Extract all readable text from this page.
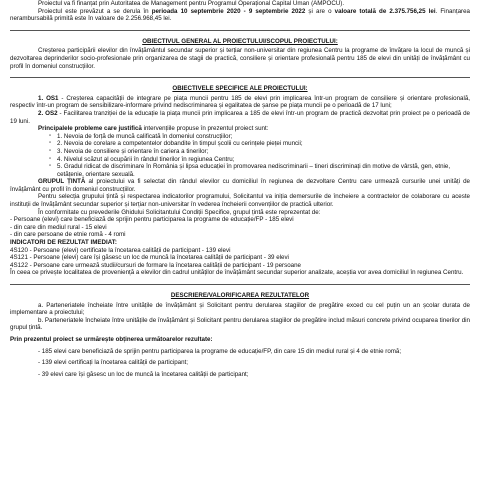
Proiectul va fi finanțat prin Autoritatea de Management pentru Programul Operațional Capital Uman (AMPOCU).

Proiectul este prevăzut a se derula în perioada 10 septembrie 2020 - 9 septembrie 2022 și are o valoare totală de 2.375.756,25 lei. Finanțarea nerambursabilă primită este în valoare de 2.256.968,45 lei.

OBIECTIVUL GENERAL AL PROIECTULUI/SCOPUL PROIECTULUI:

Creșterea participării elevilor din învățământul secundar superior și terțiar non-universitar din regiunea Centru la programe de învățare la locul de muncă și dezvoltarea deprinderilor socio-profesionale prin organizarea de stagii de practică, consiliere și orientare profesională pentru 185 de elevi din unități de învățământ cu profil în domeniul construcțiilor.

OBIECTIVELE SPECIFICE ALE PROIECTULUI:

1. OS1 - Creșterea capacității de integrare pe piața muncii pentru 185 de elevi prin implicarea într-un program de consiliere și orientare profesională, respectiv într-un program de sensibilizare-informare privind nediscriminarea și egalitatea de șanse pe piața muncii pe o perioadă de 17 luni;

2. OS2 - Facilitarea tranziției de la educație la piața muncii prin implicarea a 185 de elevi într-un program de practică dezvoltat prin proiect pe o perioadă de 19 luni.

Principalele probleme care justifică intervențiile propuse în prezentul proiect sunt:

▫ 1. Nevoia de forță de muncă calificată în domeniul construcțiilor;
▫ 2. Nevoia de corelare a competentelor dobandite în timpul școlii cu cerințele pieței muncii;
▫ 3. Nevoia de consiliere și orientare în cariera a tinerilor;
▫ 4. Nivelul scăzut al ocupării în rândul tinerilor în regiunea Centru;
▫ 5. Gradul ridicat de discriminare în România și lipsa educației în promovarea nediscriminarii – tineri discriminați din motive de vârstă, gen, etnie, cetățenie, orientare sexuală.

GRUPUL ȚINTĂ al proiectului va fi selectat din rândul elevilor cu domiciliul în regiunea de dezvoltare Centru care urmează cursurile unei unități de învățământ cu profil în domeniul construcțiilor.

Pentru selecția grupului țintă și respectarea indicatorilor programului, Solicitantul va iniția demersurile de încheiere a contractelor de colaborare cu aceste instituții de învățământ secundar superior și terțiar non-universitar în vederea încheierii convențiilor de practică ulterior.

În conformitate cu prevederile Ghidului Solicitantului Condiții Specifice, grupul țintă este reprezentat de:

- Persoane (elevi) care beneficiază de sprijin pentru participarea la programe de educație/FP - 185 elevi

- din care din mediul rural - 15 elevi

- din care persoane de etnie romă - 4 romi

INDICATORI DE REZULTAT IMEDIAT:

4S120 - Persoane (elevi) certificate la încetarea calității de participant - 139 elevi

4S121 - Persoane (elevi) care își găsesc un loc de muncă la încetarea calității de participant - 39 elevi

4S122 - Persoane care urmează studii/cursuri de formare la încetarea calității de participant - 19 persoane

În ceea ce privește localitatea de proveniență a elevilor din cadrul unităților de învățământ secundar superior analizate, aceștia vor avea domiciliul în regiunea Centru.

DESCRIERE/VALORIFICAREA REZULTATELOR

a. Parteneriatele încheiate între unitățile de învățământ și Solicitant pentru derularea stagiilor de pregătire exced cu cel puțin un an școlar durata de implementare a proiectului;

b. Parteneriatele încheiate între unitățile de învățământ și Solicitant pentru derularea stagiilor de pregătire includ măsuri concrete privind ocuparea tinerilor din grupul țintă.

Prin prezentul proiect se urmărește obținerea următoarelor rezultate:

- 185 elevi care beneficiază de sprijin pentru participarea la programe de educație/FP, din care 15 din mediul rural și 4 de etnie romă;

- 139 elevi certificați la încetarea calității de participant;

- 39 elevi care își găsesc un loc de muncă la încetarea calității de participant;
